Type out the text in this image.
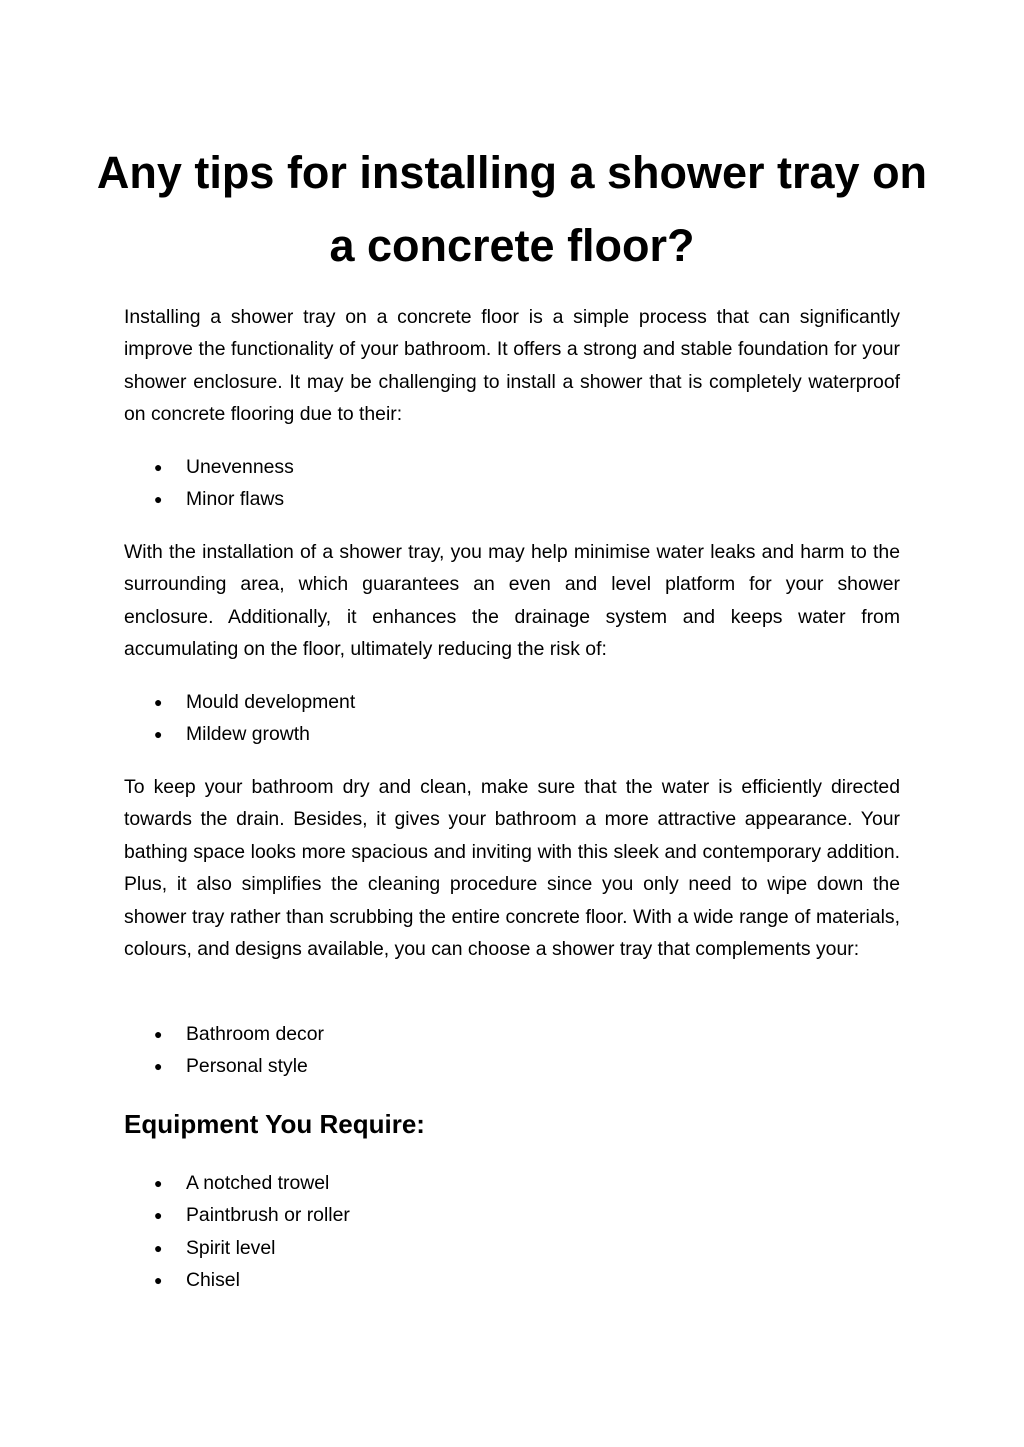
Any tips for installing a shower tray on a concrete floor?

Installing a shower tray on a concrete floor is a simple process that can significantly improve the functionality of your bathroom. It offers a strong and stable foundation for your shower enclosure. It may be challenging to install a shower that is completely waterproof on concrete flooring due to their:

● Unevenness
● Minor flaws

With the installation of a shower tray, you may help minimise water leaks and harm to the surrounding area, which guarantees an even and level platform for your shower enclosure. Additionally, it enhances the drainage system and keeps water from accumulating on the floor, ultimately reducing the risk of:

● Mould development
● Mildew growth

To keep your bathroom dry and clean, make sure that the water is efficiently directed towards the drain. Besides, it gives your bathroom a more attractive appearance. Your bathing space looks more spacious and inviting with this sleek and contemporary addition. Plus, it also simplifies the cleaning procedure since you only need to wipe down the shower tray rather than scrubbing the entire concrete floor. With a wide range of materials, colours, and designs available, you can choose a shower tray that complements your:

● Bathroom decor
● Personal style
Equipment You Require:
● A notched trowel
● Paintbrush or roller
● Spirit level
● Chisel
